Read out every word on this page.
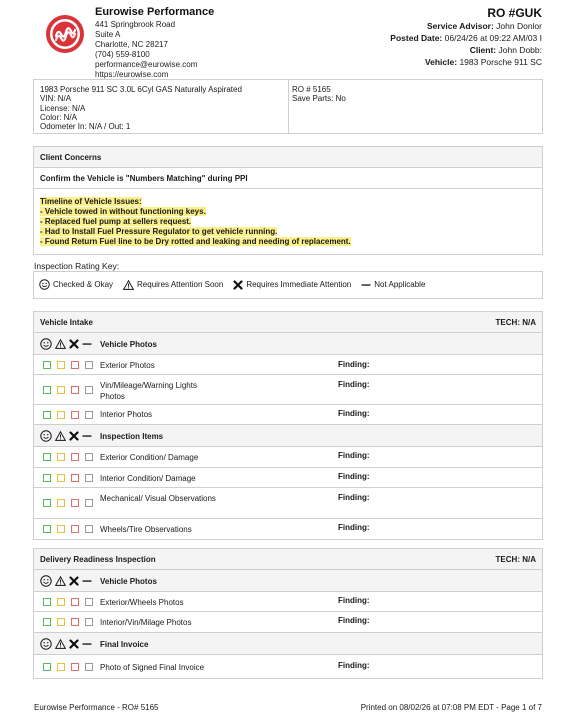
Eurowise Performance
441 Springbrook Road
Suite A
Charlotte, NC 28217
(704) 559-8100
performance@eurowise.com
https://eurowise.com
RO #GUK
Service Advisor: John Donlor
Posted Date: 06/24/26 at 09:22 AM/03 I
Client: John Dobb:
Vehicle: 1983 Porsche 911 SC
1983 Porsche 911 SC 3.0L 6Cyl GAS Naturally Aspirated
VIN: N/A
License: N/A
Color: N/A
Odometer In: N/A / Out: 1
RO # 5165
Save Parts: No
Client Concerns
Confirm the Vehicle is "Numbers Matching" during PPI
Timeline of Vehicle Issues:
- Vehicle towed in without functioning keys.
- Replaced fuel pump at sellers request.
- Had to Install Fuel Pressure Regulator to get vehicle running.
- Found Return Fuel line to be Dry rotted and leaking and needing of replacement.
Inspection Rating Key:
Checked & Okay	Requires Attention Soon	Requires Immediate Attention	Not Applicable
Vehicle Intake	TECH: N/A
Vehicle Photos
Exterior Photos	Finding:
Vin/Mileage/Warning Lights Photos
Finding:
Interior Photos	Finding:
Inspection Items
Exterior Condition/ Damage	Finding:
Interior Condition/ Damage	Finding:
Mechanical/ Visual Observations	Finding:
Wheels/Tire Observations	Finding:
Delivery Readiness Inspection	TECH: N/A
Vehicle Photos
Exterior/Wheels Photos	Finding:
Interior/Vin/Milage Photos	Finding:
Final Invoice
Photo of Signed Final Invoice	Finding:
Eurowise Performance - RO# 5165	Printed on 08/02/26 at 07:08 PM EDT - Page 1 of 7
